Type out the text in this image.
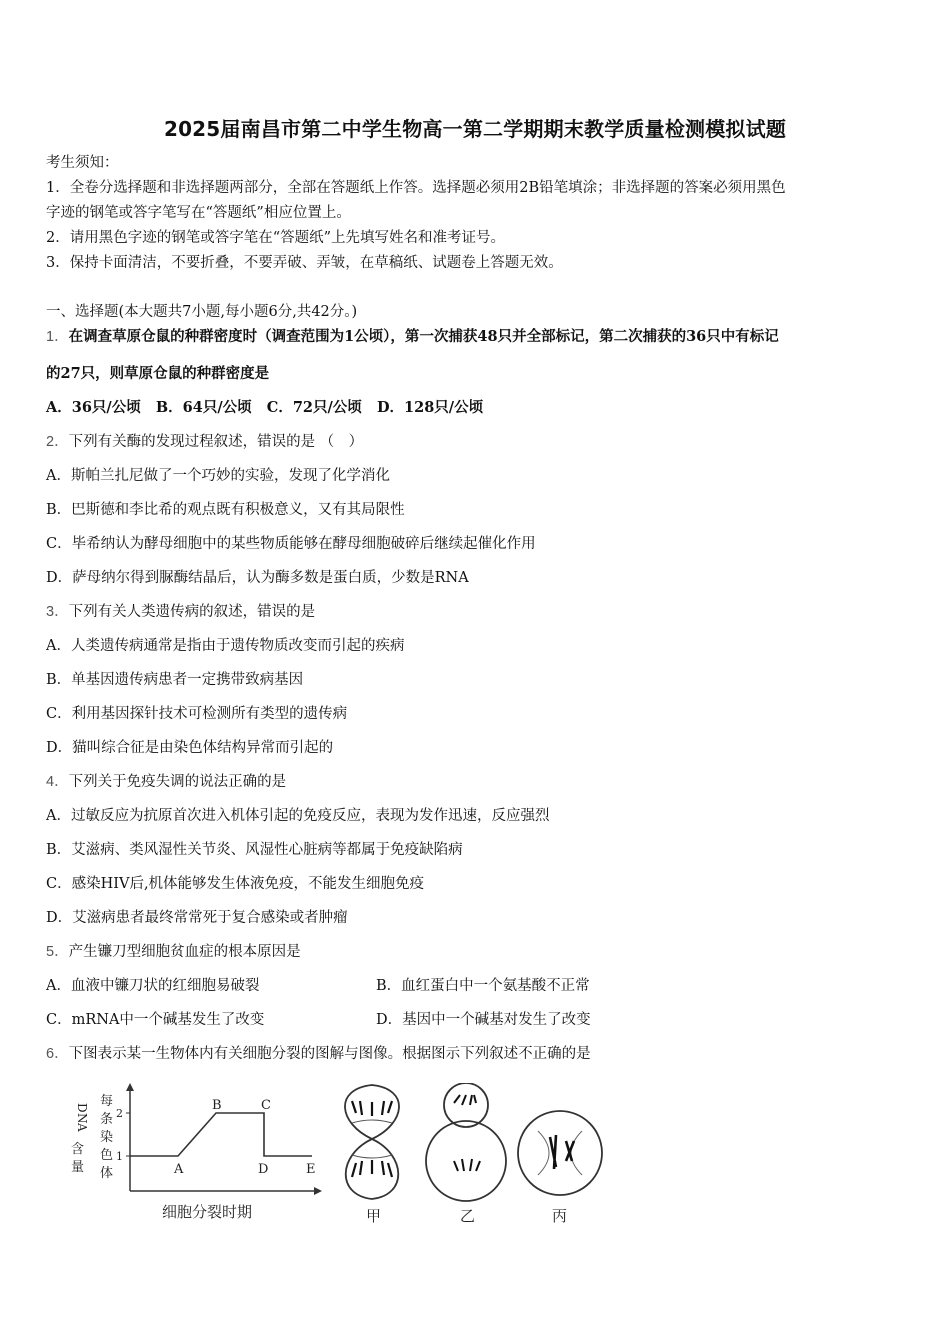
2025届南昌市第二中学生物高一第二学期期末教学质量检测模拟试题
考生须知：
1．全卷分选择题和非选择题两部分，全部在答题纸上作答。选择题必须用2B铅笔填涂；非选择题的答案必须用黑色
字迹的钢笔或答字笔写在“答题纸”相应位置上。
2．请用黑色字迹的钢笔或答字笔在“答题纸”上先填写姓名和准考证号。
3．保持卡面清洁，不要折叠，不要弄破、弄皱，在草稿纸、试题卷上答题无效。
一、选择题(本大题共7小题,每小题6分,共42分。)
1．在调查草原仓鼠的种群密度时（调查范围为1公顷），第一次捕获48只并全部标记，第二次捕获的36只中有标记
的27只，则草原仓鼠的种群密度是
A．36只/公顷 B．64只/公顷 C．72只/公顷 D．128只/公顷
2．下列有关酶的发现过程叙述，错误的是 （　）
A．斯帕兰扎尼做了一个巧妙的实验，发现了化学消化
B．巴斯德和李比希的观点既有积极意义，又有其局限性
C．毕希纳认为酵母细胞中的某些物质能够在酵母细胞破碎后继续起催化作用
D．萨母纳尔得到脲酶结晶后，认为酶多数是蛋白质，少数是RNA
3．下列有关人类遗传病的叙述，错误的是
A．人类遗传病通常是指由于遗传物质改变而引起的疾病
B．单基因遗传病患者一定携带致病基因
C．利用基因探针技术可检测所有类型的遗传病
D．猫叫综合征是由染色体结构异常而引起的
4．下列关于免疫失调的说法正确的是
A．过敏反应为抗原首次进入机体引起的免疫反应，表现为发作迅速，反应强烈
B．艾滋病、类风湿性关节炎、风湿性心脏病等都属于免疫缺陷病
C．感染HIV后,机体能够发生体液免疫，不能发生细胞免疫
D．艾滋病患者最终常常死于复合感染或者肿瘤
5．产生镰刀型细胞贫血症的根本原因是
A．血液中镰刀状的红细胞易破裂	B．血红蛋白中一个氨基酸不正常
C．mRNA中一个碱基发生了改变	D．基因中一个碱基对发生了改变
6．下图表示某一生物体内有关细胞分裂的图解与图像。根据图示下列叙述不正确的是
每
条
染
色
体
D
N
A
含
量
2
1
A
B	C
D	E
细胞分裂时期	甲	乙	丙
